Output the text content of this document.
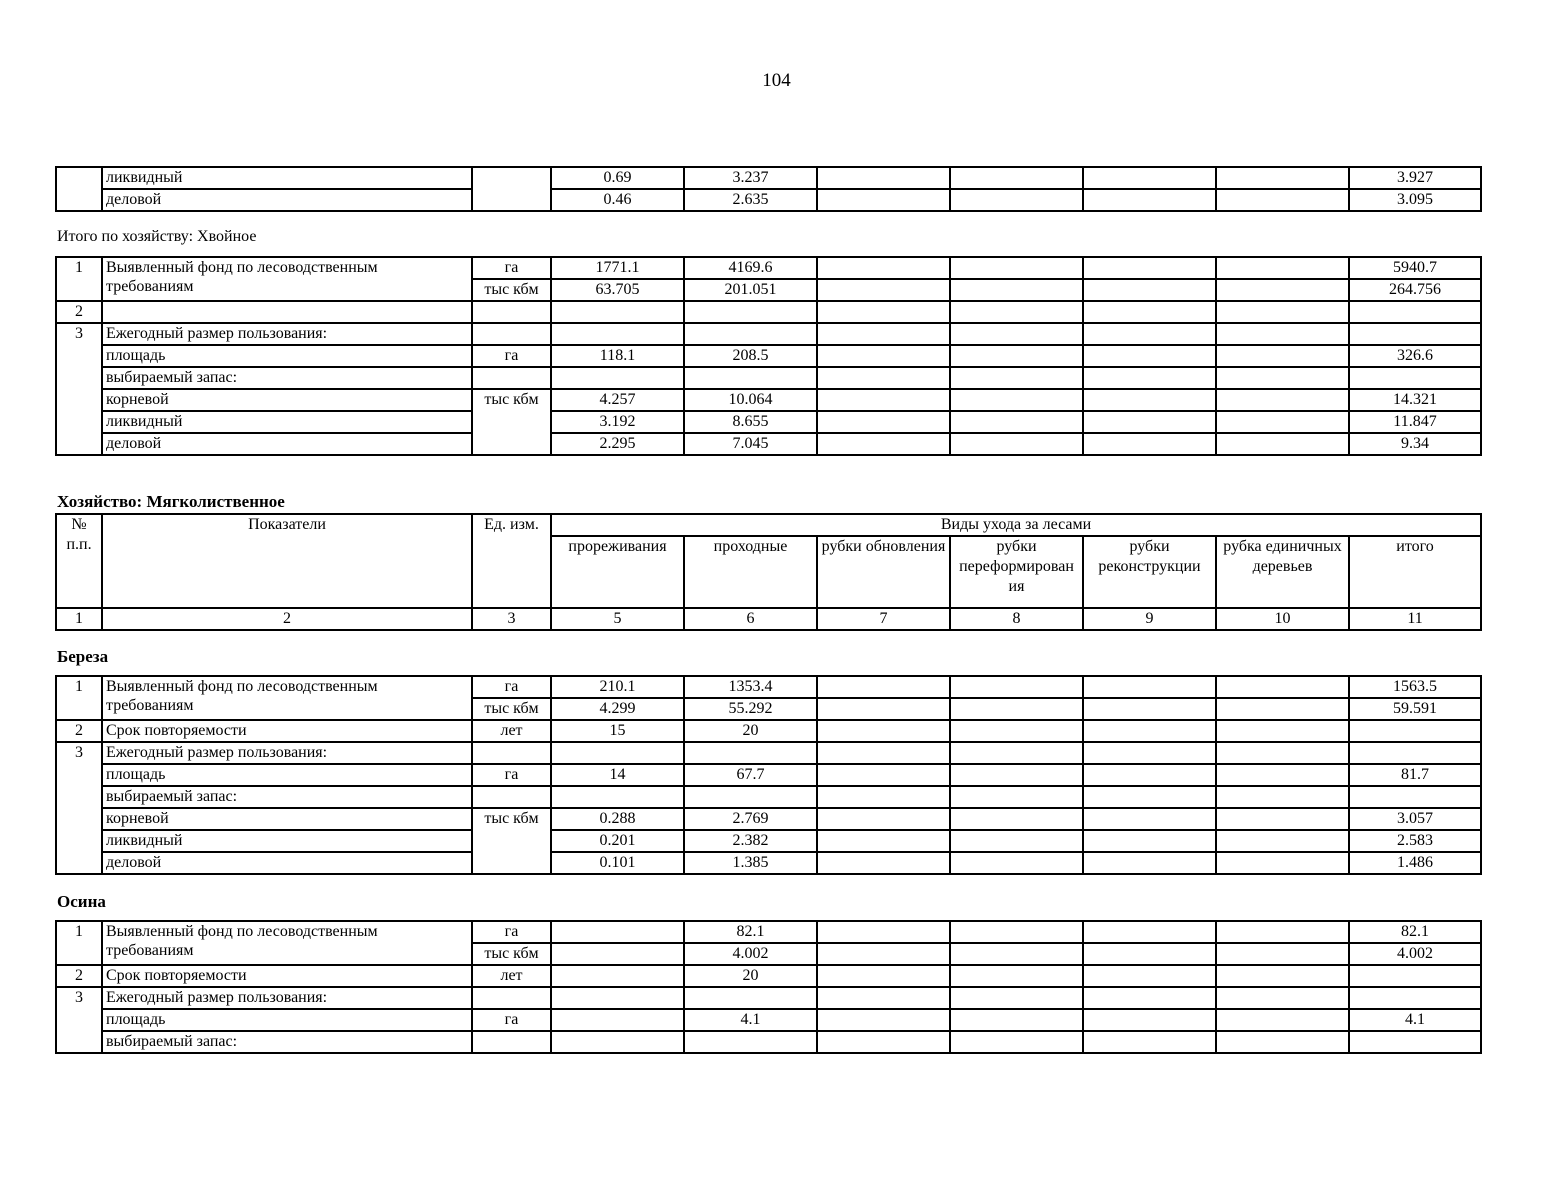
104
	ликвидный		0.69	3.237					3.927
	деловой		0.46	2.635					3.095
Итого по хозяйству: Хвойное
1	Выявленный фонд по лесоводственным требованиям	га	1771.1	4169.6					5940.7
		тыс кбм	63.705	201.051					264.756
2									
3	Ежегодный размер пользования:								
	площадь	га	118.1	208.5					326.6
	выбираемый запас:								
	корневой	тыс кбм	4.257	10.064					14.321
	ликвидный		3.192	8.655					11.847
	деловой		2.295	7.045					9.34
Хозяйство: Мягколиственное
№ п.п.	Показатели	Ед. изм.	Виды ухода за лесами						
			прореживания	проходные	рубки обновления	рубки переформирован ия	рубки реконструкции	рубка единичных деревьев	итого
1	2	3	5	6	7	8	9	10	11
Береза
1	Выявленный фонд по лесоводственным требованиям	га	210.1	1353.4					1563.5
		тыс кбм	4.299	55.292					59.591
2	Срок повторяемости	лет	15	20					
3	Ежегодный размер пользования:								
	площадь	га	14	67.7					81.7
	выбираемый запас:								
	корневой	тыс кбм	0.288	2.769					3.057
	ликвидный		0.201	2.382					2.583
	деловой		0.101	1.385					1.486
Осина
1	Выявленный фонд по лесоводственным требованиям	га		82.1					82.1
		тыс кбм		4.002					4.002
2	Срок повторяемости	лет		20					
3	Ежегодный размер пользования:								
	площадь	га		4.1					4.1
	выбираемый запас:								
